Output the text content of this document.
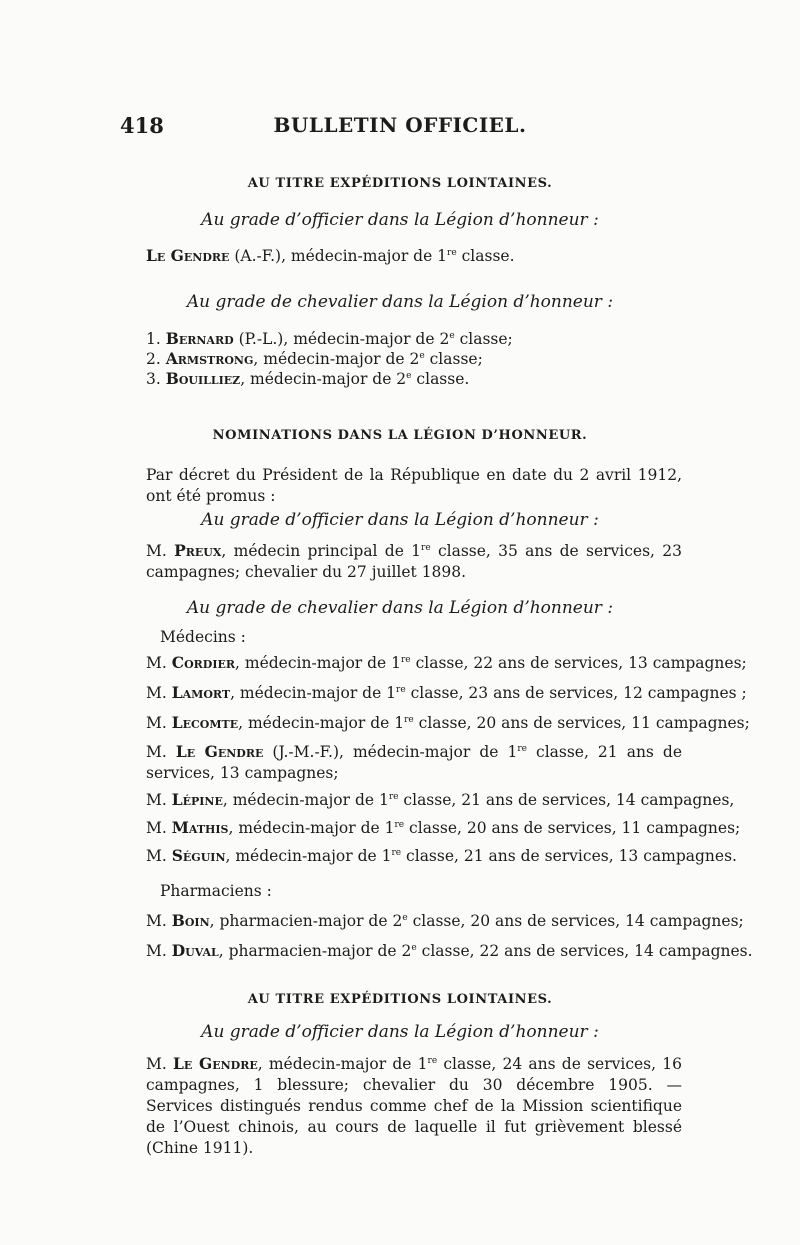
418	BULLETIN OFFICIEL.
AU TITRE EXPÉDITIONS LOINTAINES.
Au grade d’officier dans la Légion d’honneur :
Le Gendre (A.-F.), médecin-major de 1re classe.
Au grade de chevalier dans la Légion d’honneur :
1. Bernard (P.-L.), médecin-major de 2e classe;
2. Armstrong, médecin-major de 2e classe;
3. Bouilliez, médecin-major de 2e classe.
NOMINATIONS DANS LA LÉGION D’HONNEUR.
Par décret du Président de la République en date du 2 avril 1912, ont été promus :
Au grade d’officier dans la Légion d’honneur :
M. Preux, médecin principal de 1re classe, 35 ans de services, 23 campagnes; chevalier du 27 juillet 1898.
Au grade de chevalier dans la Légion d’honneur :
Médecins :
M. Cordier, médecin-major de 1re classe, 22 ans de services, 13 campagnes;
M. Lamort, médecin-major de 1re classe, 23 ans de services, 12 campagnes ;
M. Lecomte, médecin-major de 1re classe, 20 ans de services, 11 campagnes;
M. Le Gendre (J.-M.-F.), médecin-major de 1re classe, 21 ans de services, 13 campagnes;
M. Lépine, médecin-major de 1re classe, 21 ans de services, 14 campagnes,
M. Mathis, médecin-major de 1re classe, 20 ans de services, 11 campagnes;
M. Séguin, médecin-major de 1re classe, 21 ans de services, 13 campagnes.
Pharmaciens :
M. Boin, pharmacien-major de 2e classe, 20 ans de services, 14 campagnes;
M. Duval, pharmacien-major de 2e classe, 22 ans de services, 14 campagnes.
AU TITRE EXPÉDITIONS LOINTAINES.
Au grade d’officier dans la Légion d’honneur :
M. Le Gendre, médecin-major de 1re classe, 24 ans de services, 16 campagnes, 1 blessure; chevalier du 30 décembre 1905. — Services distingués rendus comme chef de la Mission scientifique de l’Ouest chinois, au cours de laquelle il fut grièvement blessé (Chine 1911).
